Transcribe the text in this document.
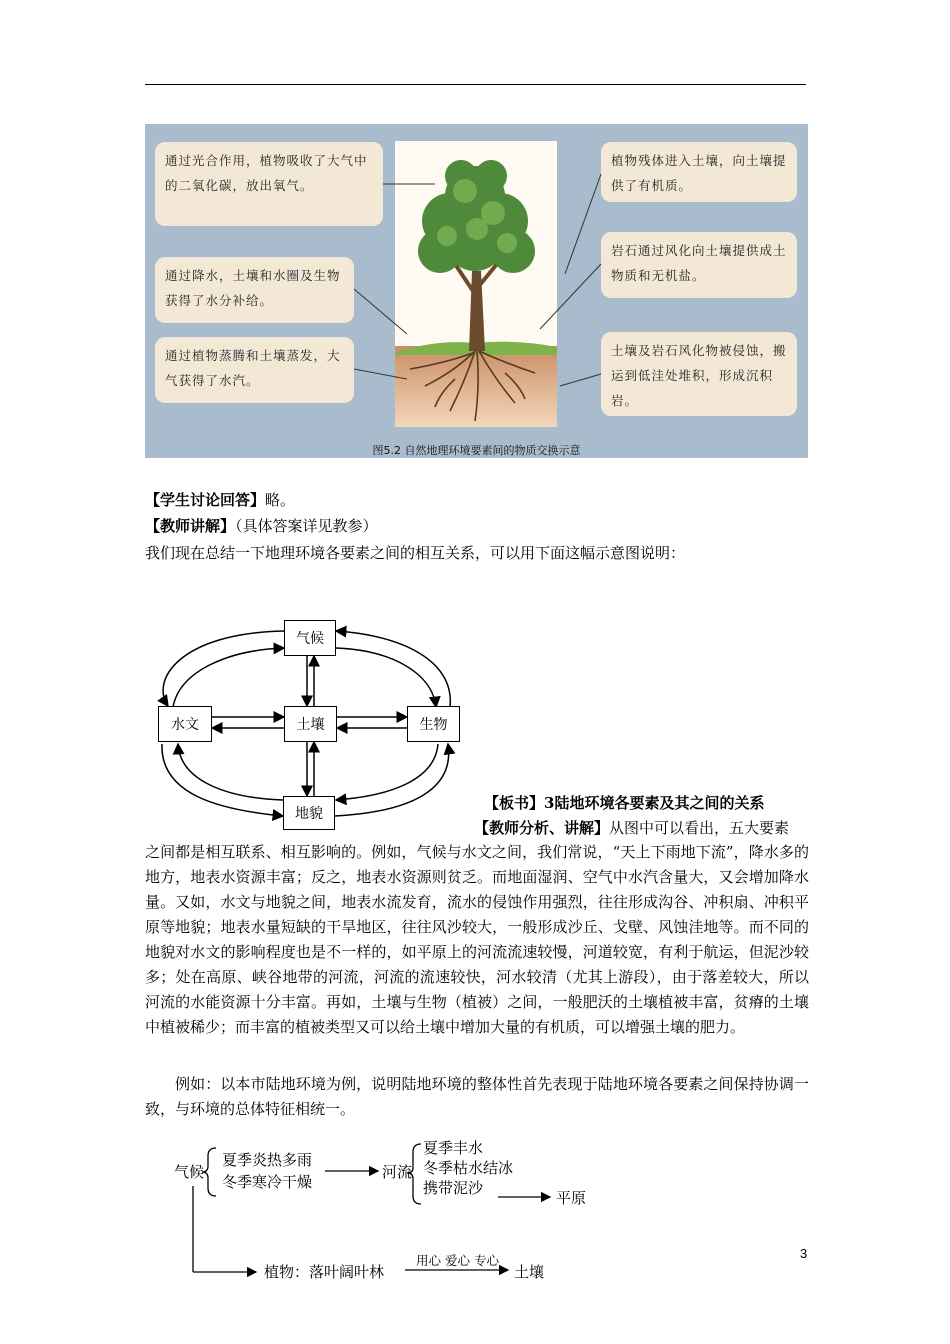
通过光合作用，植物吸收了大气中的二氧化碳，放出氧气。
通过降水，土壤和水圈及生物获得了水分补给。
通过植物蒸腾和土壤蒸发，大气获得了水汽。
植物残体进入土壤，向土壤提供了有机质。
岩石通过风化向土壤提供成土物质和无机盐。
土壤及岩石风化物被侵蚀，搬运到低洼处堆积，形成沉积岩。
图5.2 自然地理环境要素间的物质交换示意
【学生讨论回答】略。
【教师讲解】（具体答案详见教参）
我们现在总结一下地理环境各要素之间的相互关系，可以用下面这幅示意图说明：
气候
水文	土壤	生物
地貌
【板书】3陆地环境各要素及其之间的关系
【教师分析、讲解】从图中可以看出，五大要素
之间都是相互联系、相互影响的。例如，气候与水文之间，我们常说，“天上下雨地下流”，降水多的地方，地表水资源丰富；反之，地表水资源则贫乏。而地面湿润、空气中水汽含量大，又会增加降水量。又如，水文与地貌之间，地表水流发育，流水的侵蚀作用强烈，往往形成沟谷、冲积扇、冲积平原等地貌；地表水量短缺的干旱地区，往往风沙较大，一般形成沙丘、戈壁、风蚀洼地等。而不同的地貌对水文的影响程度也是不一样的，如平原上的河流流速较慢，河道较宽，有利于航运，但泥沙较多；处在高原、峡谷地带的河流，河流的流速较快，河水较清（尤其上游段），由于落差较大，所以河流的水能资源十分丰富。再如，土壤与生物（植被）之间，一般肥沃的土壤植被丰富，贫瘠的土壤中植被稀少；而丰富的植被类型又可以给土壤中增加大量的有机质，可以增强土壤的肥力。
例如：以本市陆地环境为例，说明陆地环境的整体性首先表现于陆地环境各要素之间保持协调一致，与环境的总体特征相统一。
气候
夏季炎热多雨
冬季寒冷干燥
河流
夏季丰水
冬季枯水结冰
携带泥沙
平原
植物：落叶阔叶林
用心 爱心 专心
土壤
3
